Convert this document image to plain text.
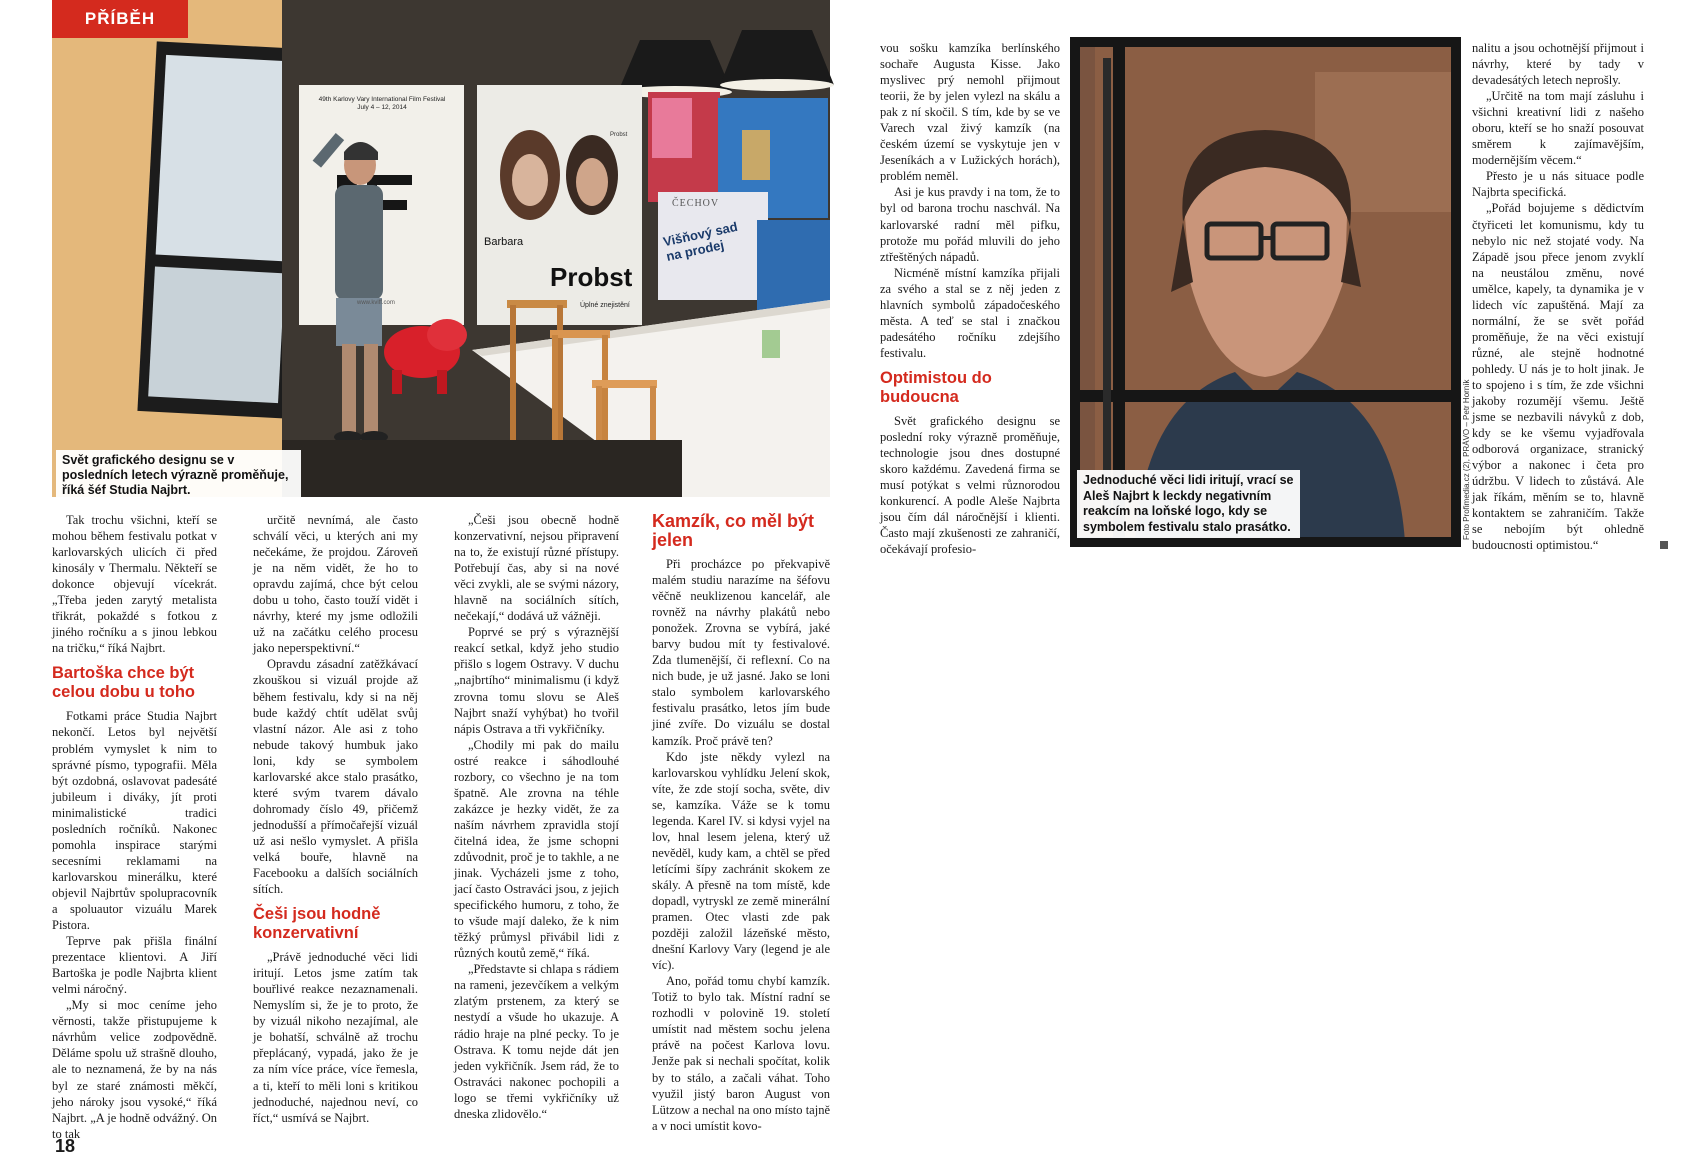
PŘÍBĚH
49th Karlovy Vary International Film Festival
July 4 – 12, 2014
www.kviff.com
Probst
Barbara
Probst
Úplné znejistění
ČECHOV
Višňový sad na prodej
Svět grafického designu se v posledních letech výrazně proměňuje, říká šéf Studia Najbrt.

Tak trochu všichni, kteří se mohou během festivalu potkat v karlovarských ulicích či před kinosály v Thermalu. Někteří se dokonce objevují vícekrát. „Třeba jeden zarytý metalista třikrát, pokaždé s fotkou z jiného ročníku a s jinou lebkou na tričku,“ říká Najbrt.

Bartoška chce být celou dobu u toho

Fotkami práce Studia Najbrt nekončí. Letos byl největší problém vymyslet k nim to správné písmo, typografii. Měla být ozdobná, oslavovat padesáté jubileum i diváky, jít proti minimalistické tradici posledních ročníků. Nakonec pomohla inspirace starými secesními reklamami na karlovarskou minerálku, které objevil Najbrtův spolupracovník a spoluautor vizuálu Marek Pistora.

Teprve pak přišla finální prezentace klientovi. A Jiří Bartoška je podle Najbrta klient velmi náročný.

„My si moc ceníme jeho věrnosti, takže přistupujeme k návrhům velice zodpovědně. Děláme spolu už strašně dlouho, ale to neznamená, že by na nás byl ze staré známosti měkčí, jeho nároky jsou vysoké,“ říká Najbrt. „A je hodně odvážný. On to tak

určitě nevnímá, ale často schválí věci, u kterých ani my nečekáme, že projdou. Zároveň je na něm vidět, že ho to opravdu zajímá, chce být celou dobu u toho, často touží vidět i návrhy, které my jsme odložili už na začátku celého procesu jako neperspektivní.“

Opravdu zásadní zatěžkávací zkouškou si vizuál projde až během festivalu, kdy si na něj bude každý chtít udělat svůj vlastní názor. Ale asi z toho nebude takový humbuk jako loni, kdy se symbolem karlovarské akce stalo prasátko, které svým tvarem dávalo dohromady číslo 49, přičemž jednodušší a přímočařejší vizuál už asi nešlo vymyslet. A přišla velká bouře, hlavně na Facebooku a dalších sociálních sítích.

Češi jsou hodně konzervativní

„Právě jednoduché věci lidi iritují. Letos jsme zatím tak bouřlivé reakce nezaznamenali. Nemyslím si, že je to proto, že by vizuál nikoho nezajímal, ale je bohatší, schválně až trochu přeplácaný, vypadá, jako že je za ním více práce, více řemesla, a ti, kteří to měli loni s kritikou jednoduché, najednou neví, co říct,“ usmívá se Najbrt.

„Češi jsou obecně hodně konzervativní, nejsou připravení na to, že existují různé přístupy. Potřebují čas, aby si na nové věci zvykli, ale se svými názory, hlavně na sociálních sítích, nečekají,“ dodává už vážněji.

Poprvé se prý s výraznější reakcí setkal, když jeho studio přišlo s logem Ostravy. V duchu „najbrtího“ minimalismu (i když zrovna tomu slovu se Aleš Najbrt snaží vyhýbat) ho tvořil nápis Ostrava a tři vykřičníky.

„Chodily mi pak do mailu ostré reakce i sáhodlouhé rozbory, co všechno je na tom špatně. Ale zrovna na téhle zakázce je hezky vidět, že za naším návrhem zpravidla stojí čitelná idea, že jsme schopni zdůvodnit, proč je to takhle, a ne jinak. Vycházeli jsme z toho, jací často Ostraváci jsou, z jejich specifického humoru, z toho, že to všude mají daleko, že k nim těžký průmysl přivábil lidi z různých koutů země,“ říká.

„Představte si chlapa s rádiem na rameni, jezevčíkem a velkým zlatým prstenem, za který se nestydí a všude ho ukazuje. A rádio hraje na plné pecky. To je Ostrava. K tomu nejde dát jen jeden vykřičník. Jsem rád, že to Ostraváci nakonec pochopili a logo se třemi vykřičníky už dneska zlidovělo.“

Kamzík, co měl být jelen

Při procházce po překvapivě malém studiu narazíme na šéfovu věčně neuklizenou kancelář, ale rovněž na návrhy plakátů nebo ponožek. Zrovna se vybírá, jaké barvy budou mít ty festivalové. Zda tlumenější, či reflexní. Co na nich bude, je už jasné. Jako se loni stalo symbolem karlovarského festivalu prasátko, letos jím bude jiné zvíře. Do vizuálu se dostal kamzík. Proč právě ten?

Kdo jste někdy vylezl na karlovarskou vyhlídku Jelení skok, víte, že zde stojí socha, světe, div se, kamzíka. Váže se k tomu legenda. Karel IV. si kdysi vyjel na lov, hnal lesem jelena, který už nevěděl, kudy kam, a chtěl se před letícími šípy zachránit skokem ze skály. A přesně na tom místě, kde dopadl, vytryskl ze země minerální pramen. Otec vlasti zde pak později založil lázeňské město, dnešní Karlovy Vary (legend je ale víc).

Ano, pořád tomu chybí kamzík. Totiž to bylo tak. Místní radní se rozhodli v polovině 19. století umístit nad městem sochu jelena právě na počest Karlova lovu. Jenže pak si nechali spočítat, kolik by to stálo, a začali váhat. Toho využil jistý baron August von Lützow a nechal na ono místo tajně a v noci umístit kovo-

18

vou sošku kamzíka berlínského sochaře Augusta Kisse. Jako myslivec prý nemohl přijmout teorii, že by jelen vylezl na skálu a pak z ní skočil. S tím, kde by se ve Varech vzal živý kamzík (na českém území se vyskytuje jen v Jeseníkách a v Lužických horách), problém neměl.

Asi je kus pravdy i na tom, že to byl od barona trochu naschvál. Na karlovarské radní měl pifku, protože mu pořád mluvili do jeho ztřeštěných nápadů.

Nicméně místní kamzíka přijali za svého a stal se z něj jeden z hlavních symbolů západočeského města. A teď se stal i značkou padesátého ročníku zdejšího festivalu.

Optimistou do budoucna

Svět grafického designu se poslední roky výrazně proměňuje, technologie jsou dnes dostupné skoro každému. Zavedená firma se musí potýkat s velmi různorodou konkurencí. A podle Aleše Najbrta jsou čím dál náročnější i klienti. Často mají zkušenosti ze zahraničí, očekávají profesio-

Jednoduché věci lidi iritují, vrací se Aleš Najbrt k leckdy negativním reakcím na loňské logo, kdy se symbolem festivalu stalo prasátko.	Foto Profimedia.cz (2), PRÁVO – Petr Horník

nalitu a jsou ochotnější přijmout i návrhy, které by tady v devadesátých letech neprošly.

„Určitě na tom mají zásluhu i všichni kreativní lidi z našeho oboru, kteří se ho snaží posouvat směrem k zajímavějším, modernějším věcem.“

Přesto je u nás situace podle Najbrta specifická.

„Pořád bojujeme s dědictvím čtyřiceti let komunismu, kdy tu nebylo nic než stojaté vody. Na Západě jsou přece jenom zvyklí na neustálou změnu, nové umělce, kapely, ta dynamika je v lidech víc zapuštěná. Mají za normální, že se svět pořád proměňuje, že na věci existují různé, ale stejně hodnotné pohledy. U nás je to holt jinak. Je to spojeno i s tím, že zde všichni jakoby rozumějí všemu. Ještě jsme se nezbavili návyků z dob, kdy se ke všemu vyjadřovala odborová organizace, stranický výbor a nakonec i četa pro údržbu. V lidech to zůstává. Ale jak říkám, měním se to, hlavně kontaktem se zahraničím. Takže se nebojím být ohledně budoucnosti optimistou.“
